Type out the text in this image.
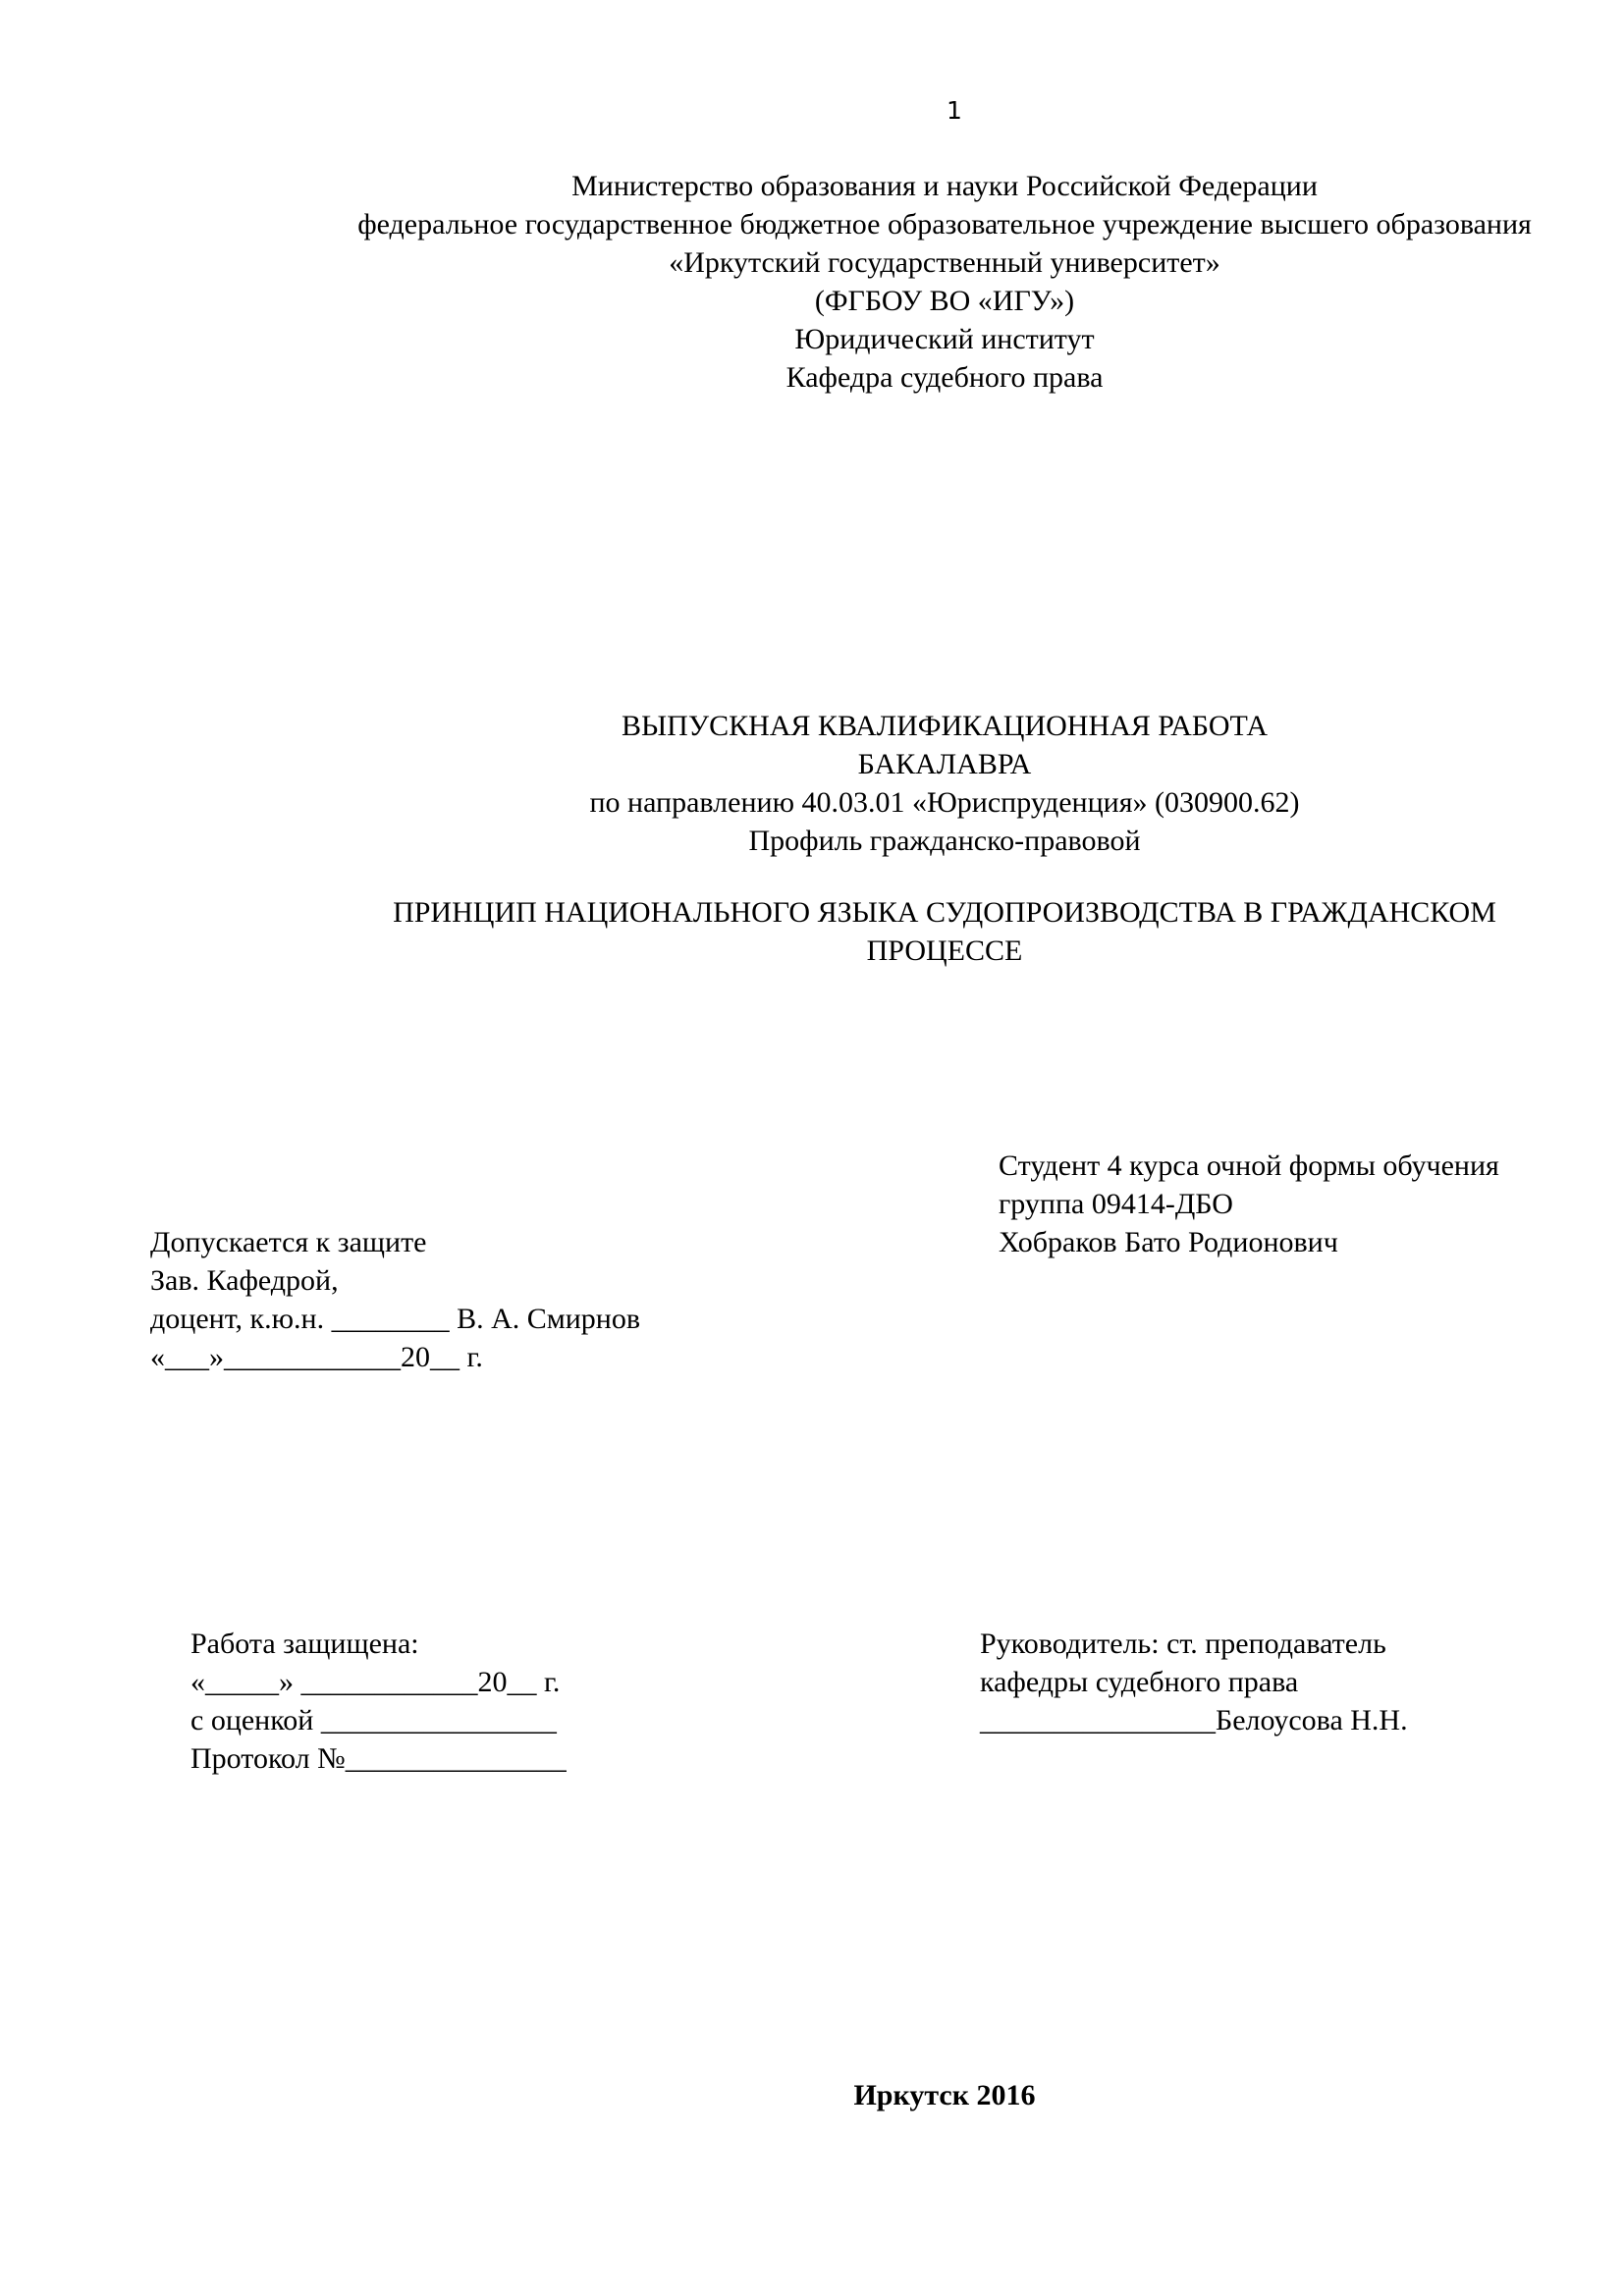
1
Министерство образования и науки Российской Федерации
федеральное государственное бюджетное образовательное учреждение высшего образования
«Иркутский государственный университет»
(ФГБОУ ВО «ИГУ»)
Юридический институт
Кафедра судебного права
ВЫПУСКНАЯ КВАЛИФИКАЦИОННАЯ РАБОТА
БАКАЛАВРА
по направлению 40.03.01 «Юриспруденция» (030900.62)
Профиль гражданско-правовой
ПРИНЦИП НАЦИОНАЛЬНОГО ЯЗЫКА СУДОПРОИЗВОДСТВА В ГРАЖДАНСКОМ
ПРОЦЕССЕ
Студент 4 курса очной формы обучения
группа 09414-ДБО
Хобраков Бато Родионович
Допускается к защите
Зав. Кафедрой,
доцент, к.ю.н. ________ В. А. Смирнов
«___»____________20__ г.
Работа защищена:
«_____» ____________20__ г.
с оценкой ________________
Протокол №_______________
Руководитель: ст. преподаватель
кафедры судебного права
________________Белоусова Н.Н.
Иркутск 2016
